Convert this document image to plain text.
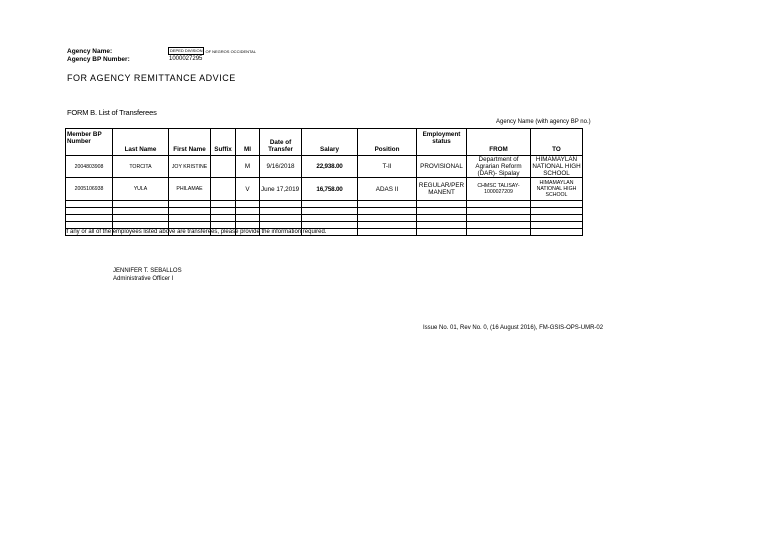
Agency Name:
Agency BP Number:
DEPED DIVISION OF NEGROS OCCIDENTAL
1000027295
FOR AGENCY REMITTANCE ADVICE
FORM B. List of Transferees
Agency Name (with agency BP no.)
Member BP Number	Last Name	First Name	Suffix	MI	Date of Transfer	Salary	Position	Employment status	FROM	TO
2004803908	TORCITA	JOY KRISTINE		M	9/16/2018	22,938.00	T-II	PROVISIONAL	Department of Agrarian Reform (DAR)- Sipalay	HIMAMAYLAN NATIONAL HIGH SCHOOL
2005106938	YULA	PHILAMAE		V	June 17,2019	16,758.00	ADAS II	REGULAR/PER MANENT	CHMSC TALISAY- 1000027209	HIMAMAYLAN NATIONAL HIGH SCHOOL

If any or all of the employees listed above are transferees, please provide the information required.
JENNIFER T. SEBALLOS
Administrative Officer I
Issue No. 01, Rev No. 0, (16 August 2016), FM-GSIS-OPS-UMR-02
